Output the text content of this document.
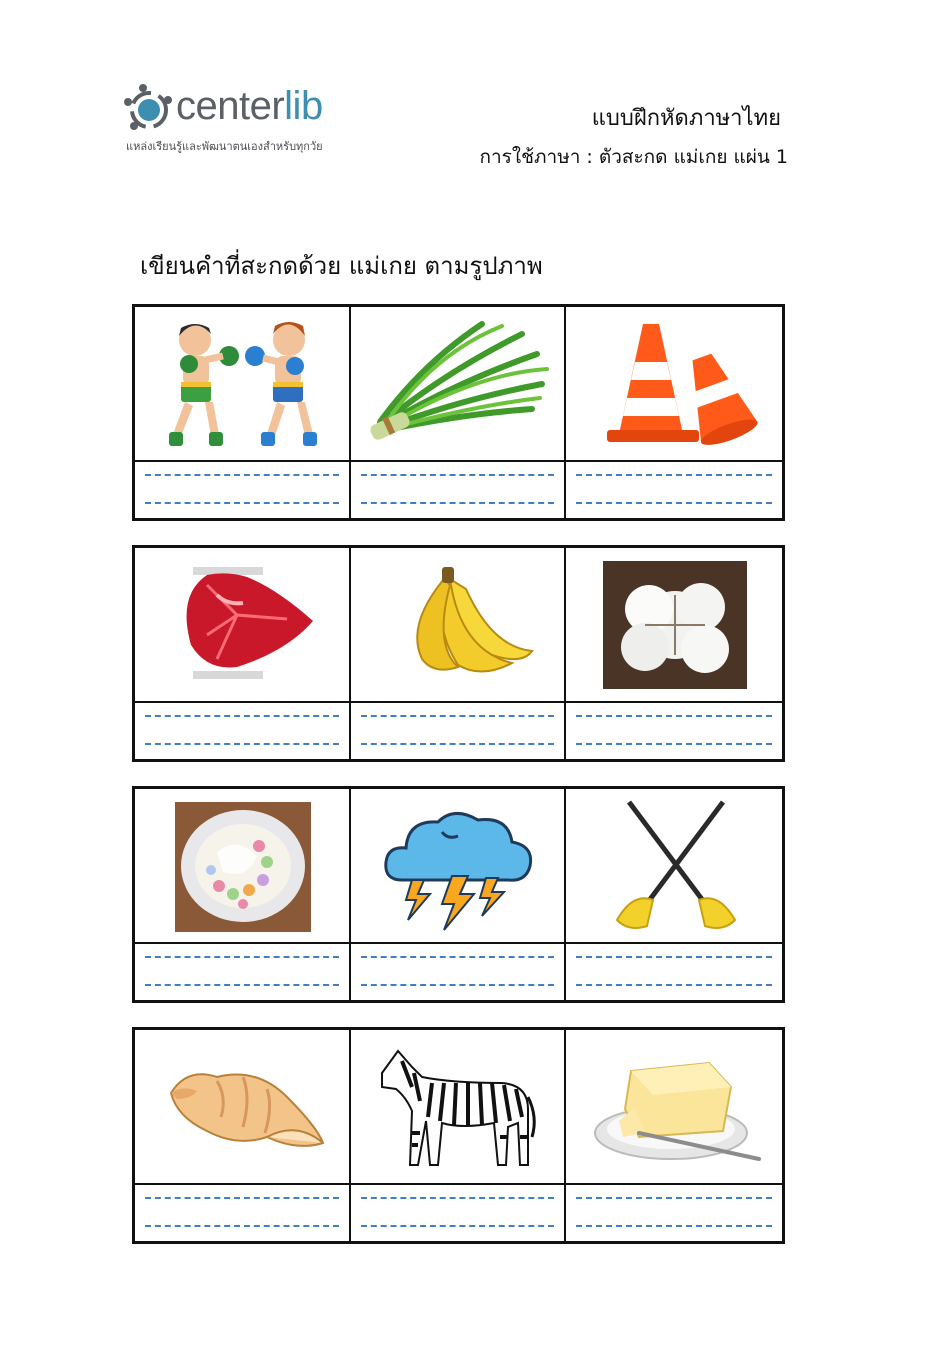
centerlib
แหล่งเรียนรู้และพัฒนาตนเองสำหรับทุกวัย
แบบฝึกหัดภาษาไทย
การใช้ภาษา : ตัวสะกด แม่เกย แผ่น 1
เขียนคำที่สะกดด้วย แม่เกย ตามรูปภาพ
